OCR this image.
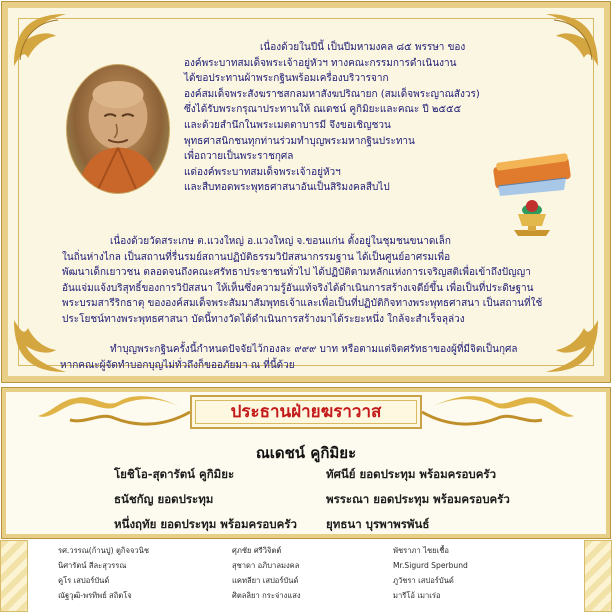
เนื่องด้วยในปีนี้ เป็นปีมหามงคล ๘๕ พรรษา ของ
องค์พระบาทสมเด็จพระเจ้าอยู่หัวฯ ทางคณะกรรมการดำเนินงาน
ได้ขอประทานผ้าพระกฐินพร้อมเครื่องบริวารจาก
องค์สมเด็จพระสังฆราชสกลมหาสังฆปริณายก (สมเด็จพระญาณสังวร)
ซึ่งได้รับพระกรุณาประทานให้ ณเดชน์ คูกิมิยะและคณะ ปี ๒๕๕๕
และด้วยสำนึกในพระเมตตาบารมี จึงขอเชิญชวน
พุทธศาสนิกชนทุกท่านร่วมทำบุญพระมหากฐินประทาน
เพื่อถวายเป็นพระราชกุศล
แด่องค์พระบาทสมเด็จพระเจ้าอยู่หัวฯ
และสืบทอดพระพุทธศาสนาอันเป็นสิริมงคลสืบไป
เนื่องด้วยวัดสระเกษ ต.แวงใหญ่ อ.แวงใหญ่ จ.ขอนแก่น ตั้งอยู่ในชุมชนขนาดเล็ก
ในถิ่นห่างไกล เป็นสถานที่รื่นรมย์สถานปฏิบัติธรรมวิปัสสนากรรมฐาน ได้เป็นศูนย์อาศรมเพื่อ
พัฒนาเด็กเยาวชน ตลอดจนถึงคณะศรัทธาประชาชนทั่วไป ได้ปฏิบัติตามหลักแห่งการเจริญสติเพื่อเข้าถึงปัญญา
อันแจ่มแจ้งบริสุทธิ์ของการวิปัสสนา ให้เห็นซึ่งความรู้อันแท้จริงได้ดำเนินการสร้างเจดีย์ขึ้น เพื่อเป็นที่ประดิษฐาน
พระบรมสารีริกธาตุ ขององค์สมเด็จพระสัมมาสัมพุทธเจ้าและเพื่อเป็นที่ปฏิบัติกิจทางพระพุทธศาสนา เป็นสถานที่ใช้
ประโยชน์ทางพระพุทธศาสนา บัดนี้ทางวัดได้ดำเนินการสร้างมาได้ระยะหนึ่ง ใกล้จะสำเร็จลุล่วง
ทำบุญพระกฐินครั้งนี้กำหนดปัจจัยไว้กองละ ๙๙๙ บาท หรือตามแต่จิตศรัทธาของผู้ที่มีจิตเป็นกุศล
หากคณะผู้จัดทำบอกบุญไม่ทั่วถึงก็ขออภัยมา ณ ที่นี้ด้วย
ประธานฝ่ายฆราวาส
ณเดชน์ คูกิมิยะ
โยชิโอ-สุดารัตน์ คูกิมิยะ
ธนัชกัญ ยอดประทุม
หนึ่งฤทัย ยอดประทุม พร้อมครอบครัว
ทัศนีย์ ยอดประทุม พร้อมครอบครัว
พรระณา ยอดประทุม พร้อมครอบครัว
ยุทธนา บุรพาพรพันธ์
รศ.วรรณ(ก้านปู) ตูกิจจวนิช
นิศารัตน์ สีละสุวรรณ
คูโร เสปอร์บันด์
ณัฐวุฒิ-พรทิพย์ สถิตโจ
ศุภชัย ศรีวิจิตต์
สุชาดา อภิบาลมงคล
แคทลียา เสปอร์บันด์
ศิตลลิยา กระจ่างแสง
พัชราภา ไชยเชื้อ
Mr.Sigurd Sperbund
ภูวัชรา เสปอร์บันด์
มารีโอ้ เมาเร่อ
